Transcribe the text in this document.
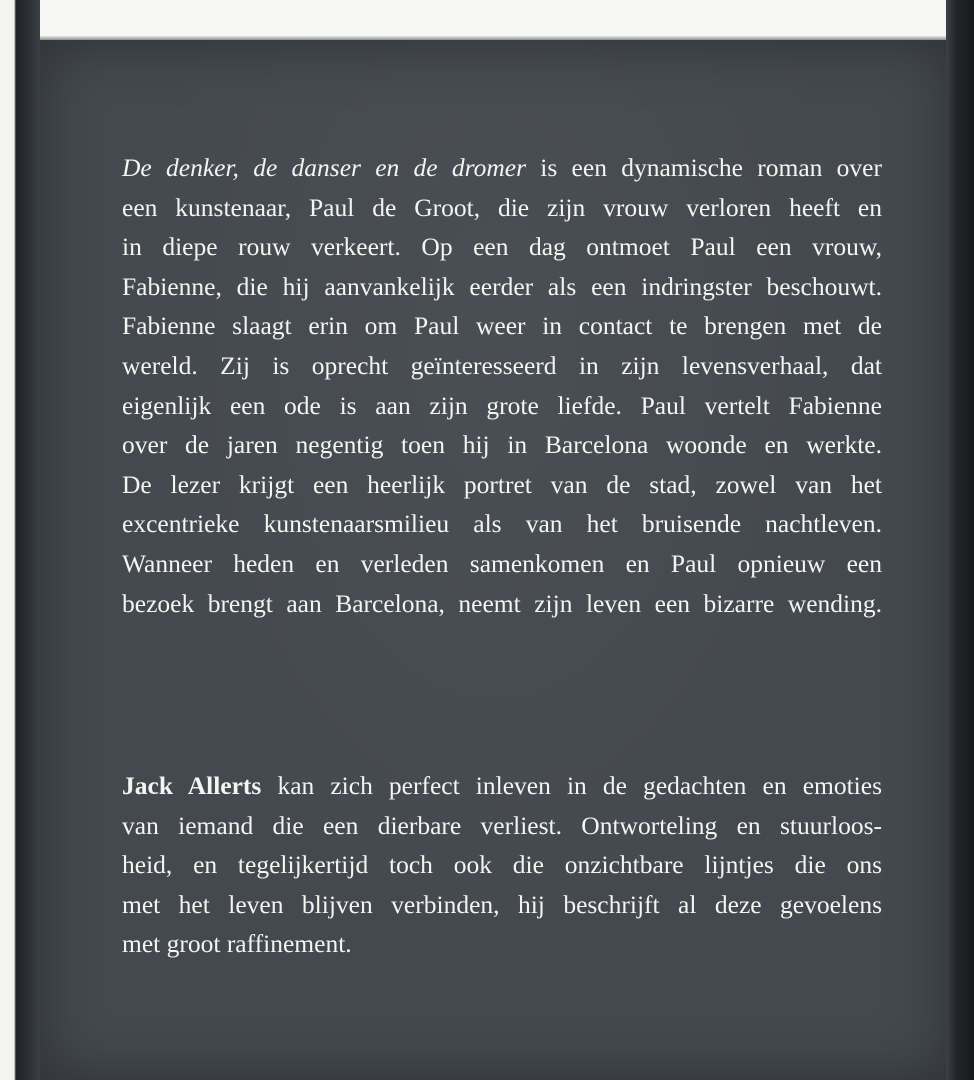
De denker, de danser en de dromer is een dynamische roman over
een kunstenaar, Paul de Groot, die zijn vrouw verloren heeft en
in diepe rouw verkeert. Op een dag ontmoet Paul een vrouw,
Fabienne, die hij aanvankelijk eerder als een indringster beschouwt.
Fabienne slaagt erin om Paul weer in contact te brengen met de
wereld. Zij is oprecht geïnteresseerd in zijn levensverhaal, dat
eigenlijk een ode is aan zijn grote liefde. Paul vertelt Fabienne
over de jaren negentig toen hij in Barcelona woonde en werkte.
De lezer krijgt een heerlijk portret van de stad, zowel van het
excentrieke kunstenaarsmilieu als van het bruisende nachtleven.
Wanneer heden en verleden samenkomen en Paul opnieuw een
bezoek brengt aan Barcelona, neemt zijn leven een bizarre wending.
Jack Allerts kan zich perfect inleven in de gedachten en emoties
van iemand die een dierbare verliest. Ontworteling en stuurloos-
heid, en tegelijkertijd toch ook die onzichtbare lijntjes die ons
met het leven blijven verbinden, hij beschrijft al deze gevoelens
met groot raffinement.
